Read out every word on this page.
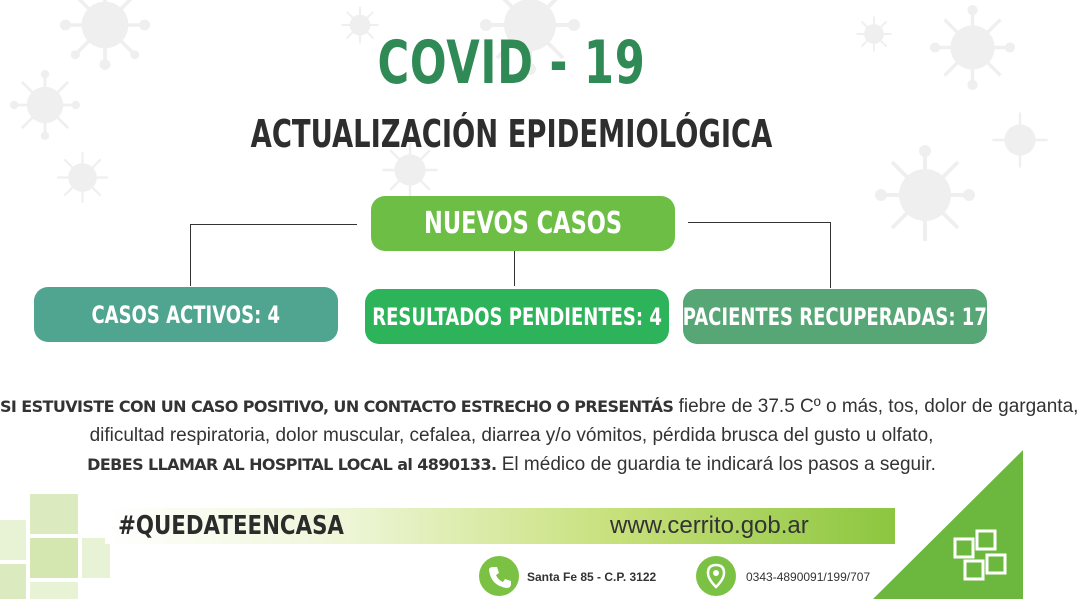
COVID - 19
ACTUALIZACIÓN EPIDEMIOLÓGICA
NUEVOS CASOS
CASOS ACTIVOS: 4	RESULTADOS PENDIENTES: 4 PACIENTES RECUPERADAS: 17
SI ESTUVISTE CON UN CASO POSITIVO, UN CONTACTO ESTRECHO O PRESENTÁS fiebre de 37.5 Cº o más, tos, dolor de garganta,
dificultad respiratoria, dolor muscular, cefalea, diarrea y/o vómitos, pérdida brusca del gusto u olfato,
DEBES LLAMAR AL HOSPITAL LOCAL al 4890133. El médico de guardia te indicará los pasos a seguir.
#QUEDATEENCASA	www.cerrito.gob.ar
Santa Fe 85 - C.P. 3122	0343-4890091/199/707
